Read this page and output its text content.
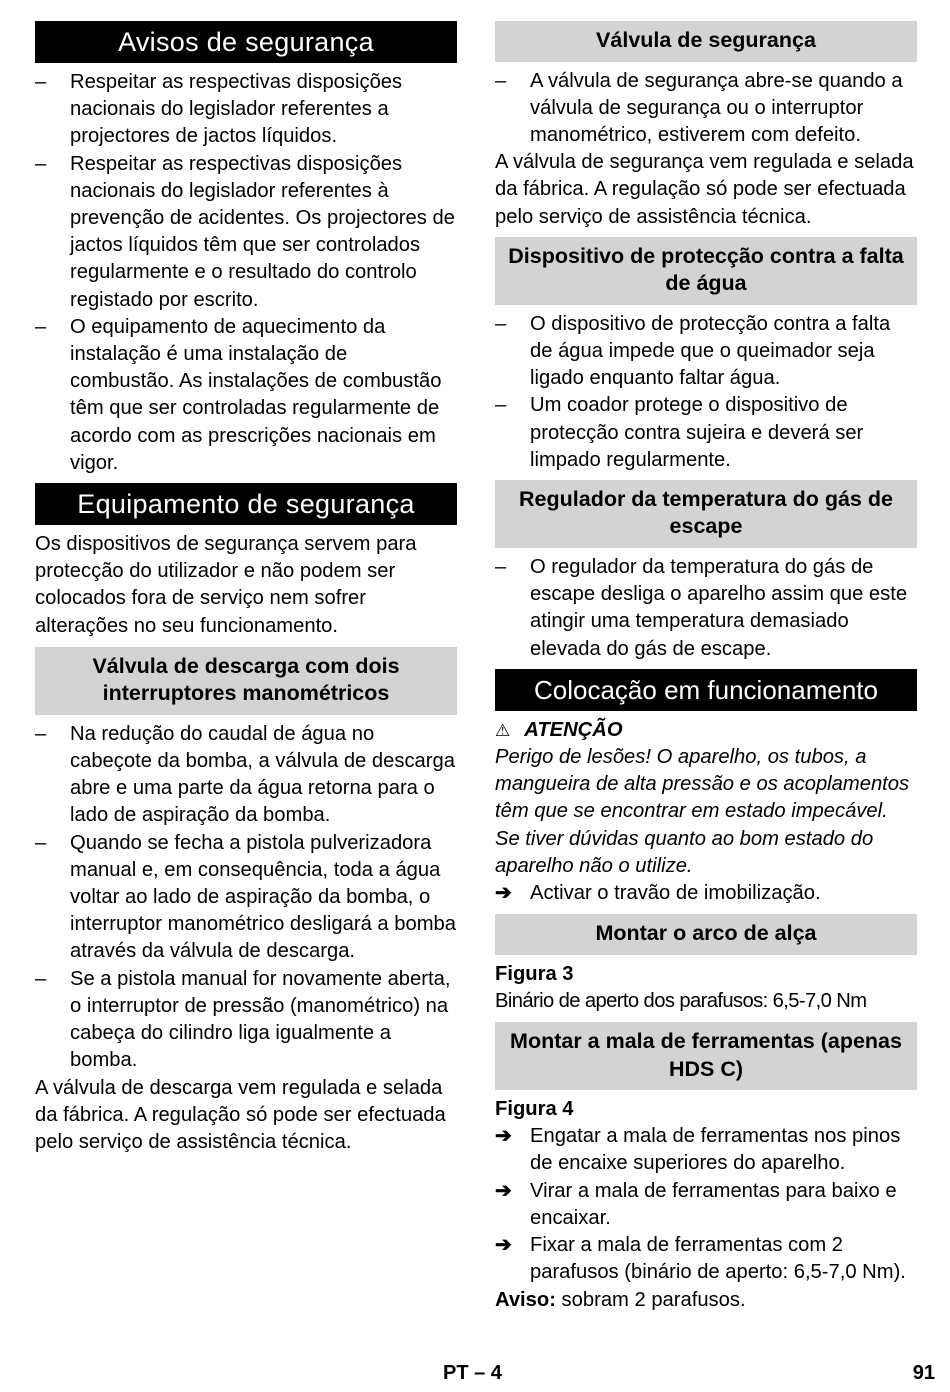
Avisos de segurança
–	Respeitar as respectivas disposições nacionais do legislador referentes a projectores de jactos líquidos.
–	Respeitar as respectivas disposições nacionais do legislador referentes à prevenção de acidentes. Os projectores de jactos líquidos têm que ser controlados regularmente e o resultado do controlo registado por escrito.
–	O equipamento de aquecimento da instalação é uma instalação de combustão. As instalações de combustão têm que ser controladas regularmente de acordo com as prescrições nacionais em vigor.
Equipamento de segurança

Os dispositivos de segurança servem para protecção do utilizador e não podem ser colocados fora de serviço nem sofrer alterações no seu funcionamento.

Válvula de descarga com dois interruptores manométricos
–	Na redução do caudal de água no cabeçote da bomba, a válvula de descarga abre e uma parte da água retorna para o lado de aspiração da bomba.
–	Quando se fecha a pistola pulverizadora manual e, em consequência, toda a água voltar ao lado de aspiração da bomba, o interruptor manométrico desligará a bomba através da válvula de descarga.
–	Se a pistola manual for novamente aberta, o interruptor de pressão (manométrico) na cabeça do cilindro liga igualmente a bomba.

A válvula de descarga vem regulada e selada da fábrica. A regulação só pode ser efectuada pelo serviço de assistência técnica.

Válvula de segurança
–	A válvula de segurança abre-se quando a válvula de segurança ou o interruptor manométrico, estiverem com defeito.

A válvula de segurança vem regulada e selada da fábrica. A regulação só pode ser efectuada pelo serviço de assistência técnica.

Dispositivo de protecção contra a falta de água
–	O dispositivo de protecção contra a falta de água impede que o queimador seja ligado enquanto faltar água.
–	Um coador protege o dispositivo de protecção contra sujeira e deverá ser limpado regularmente.
Regulador da temperatura do gás de escape
–	O regulador da temperatura do gás de escape desliga o aparelho assim que este atingir uma temperatura demasiado elevada do gás de escape.
Colocação em funcionamento
⚠ ATENÇÃO

Perigo de lesões! O aparelho, os tubos, a mangueira de alta pressão e os acoplamentos têm que se encontrar em estado impecável. Se tiver dúvidas quanto ao bom estado do aparelho não o utilize.

➔ Activar o travão de imobilização.
Montar o arco de alça
Figura 3

Binário de aperto dos parafusos: 6,5-7,0 Nm

Montar a mala de ferramentas (apenas HDS C)
Figura 4
➔ Engatar a mala de ferramentas nos pinos de encaixe superiores do aparelho.
➔ Virar a mala de ferramentas para baixo e encaixar.
➔ Fixar a mala de ferramentas com 2 parafusos (binário de aperto: 6,5-7,0 Nm).

Aviso: sobram 2 parafusos.

PT – 4	91
